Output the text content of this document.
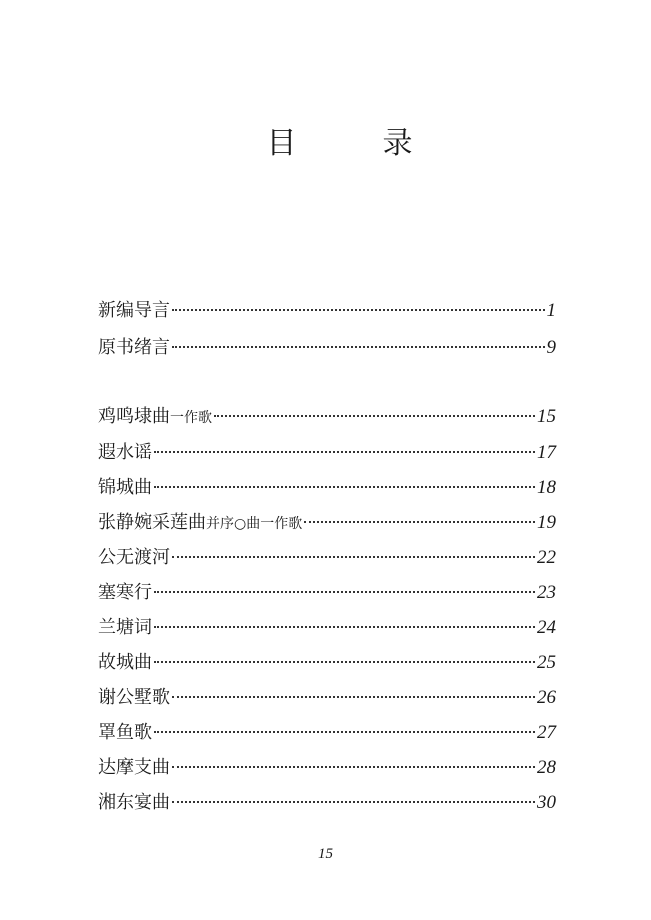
目　录
新编导言	1
原书绪言	9
鸡鸣埭曲 一作歌	15
遐水谣	17
锦城曲	18
张静婉采莲曲 并序○曲一作歌	19
公无渡河	22
塞寒行	23
兰塘词	24
故城曲	25
谢公墅歌	26
罩鱼歌	27
达摩支曲	28
湘东宴曲	30
15
